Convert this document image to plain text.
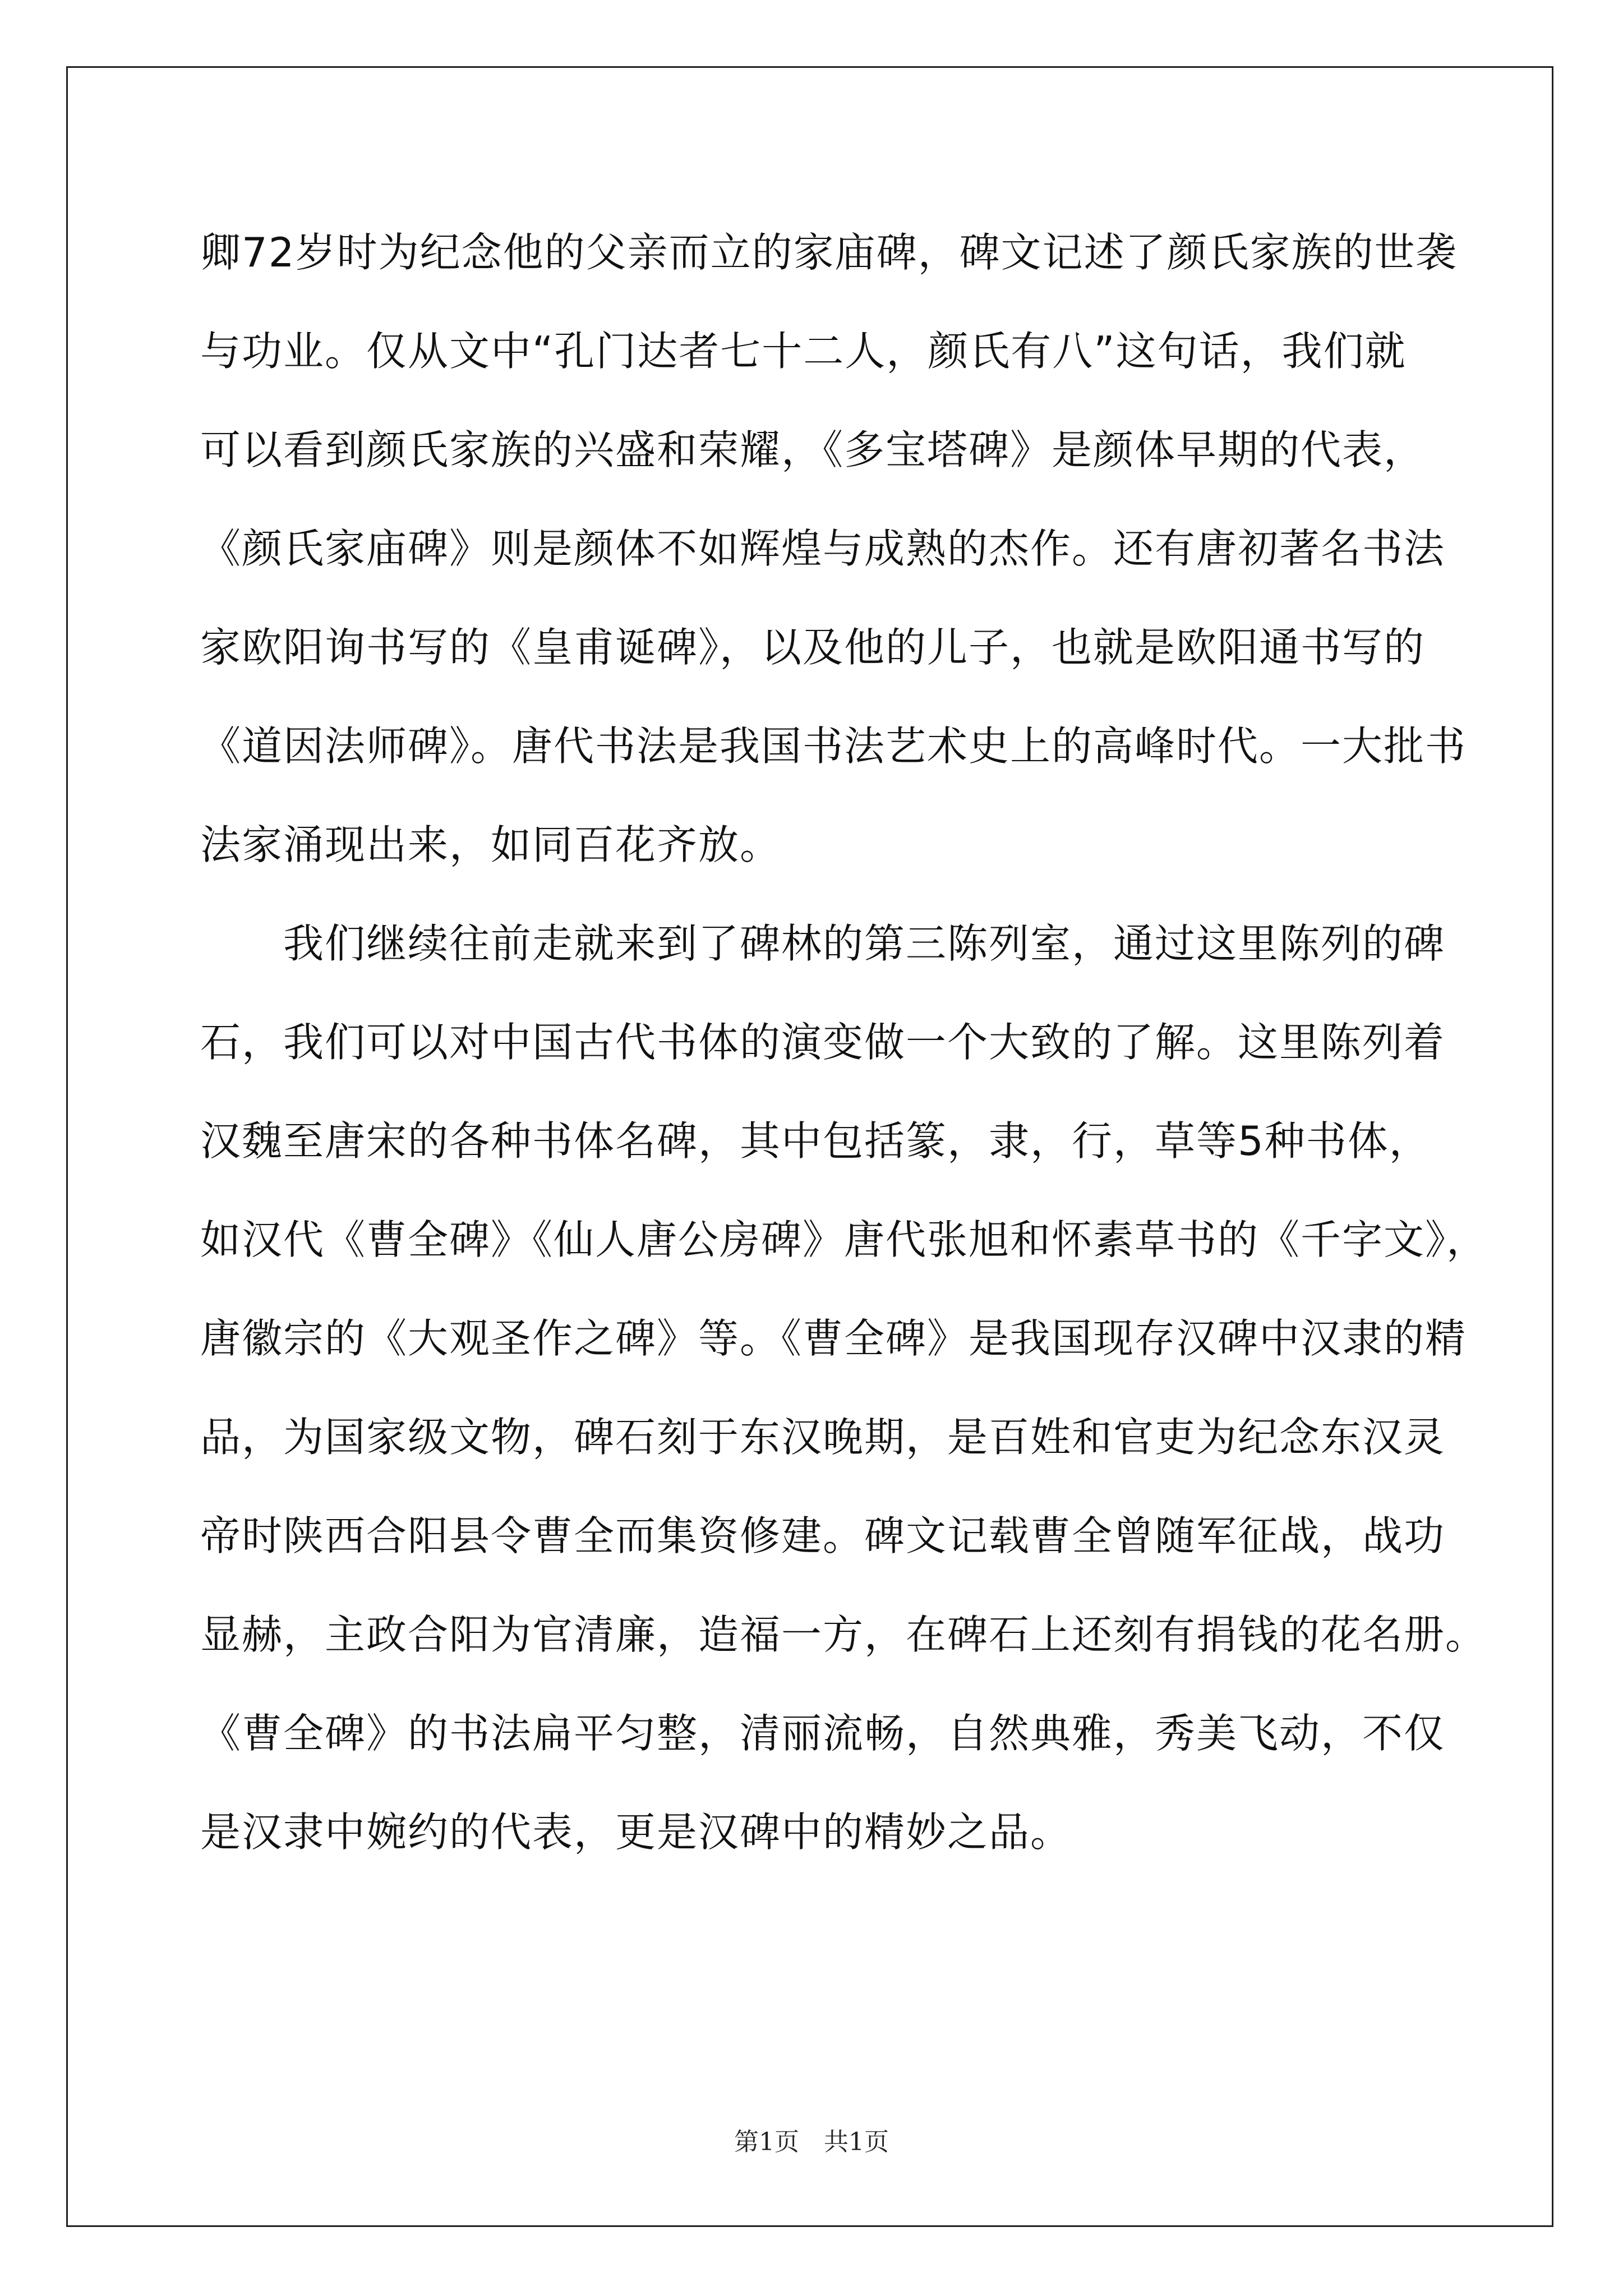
卿72岁时为纪念他的父亲而立的家庙碑，碑文记述了颜氏家族的世袭
与功业。仅从文中“孔门达者七十二人，颜氏有八”这句话，我们就
可以看到颜氏家族的兴盛和荣耀，《多宝塔碑》是颜体早期的代表，
《颜氏家庙碑》则是颜体不如辉煌与成熟的杰作。还有唐初著名书法
家欧阳询书写的《皇甫诞碑》，以及他的儿子，也就是欧阳通书写的
《道因法师碑》。唐代书法是我国书法艺术史上的高峰时代。一大批书
法家涌现出来，如同百花齐放。
　　我们继续往前走就来到了碑林的第三陈列室，通过这里陈列的碑
石，我们可以对中国古代书体的演变做一个大致的了解。这里陈列着
汉魏至唐宋的各种书体名碑，其中包括篆，隶，行，草等5种书体，
如汉代《曹全碑》《仙人唐公房碑》唐代张旭和怀素草书的《千字文》，
唐徽宗的《大观圣作之碑》等。《曹全碑》是我国现存汉碑中汉隶的精
品，为国家级文物，碑石刻于东汉晚期，是百姓和官吏为纪念东汉灵
帝时陕西合阳县令曹全而集资修建。碑文记载曹全曾随军征战，战功
显赫，主政合阳为官清廉，造福一方，在碑石上还刻有捐钱的花名册。
《曹全碑》的书法扁平匀整，清丽流畅，自然典雅，秀美飞动，不仅
是汉隶中婉约的代表，更是汉碑中的精妙之品。
第1页　共1页
